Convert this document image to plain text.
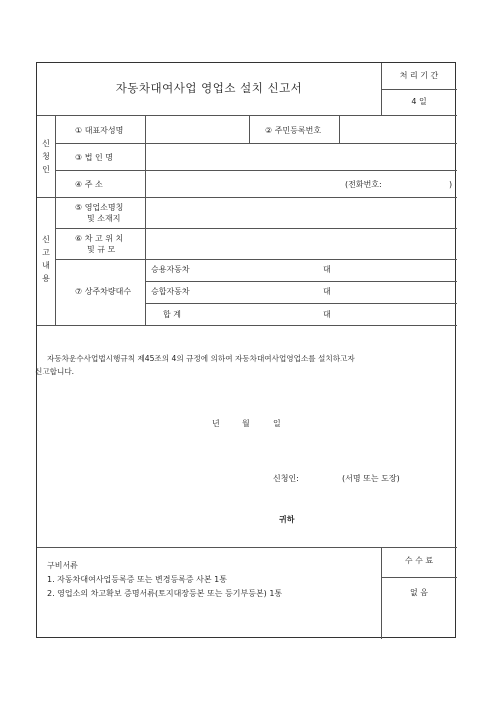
자동차대여사업 영업소 설치 신고서
처 리 기 간
4 일
신
청
인
① 대표자성명	② 주민등록번호
③ 법 인 명
④ 주 소	(전화번호:	)
신
고
내
용
⑤ 영업소명칭
및 소재지
⑥ 차 고 위 치
및 규 모
⑦ 상주차량대수
승용자동차	대
승합자동차	대
합 계	대
자동차운수사업법시행규칙 제45조의 4의 규정에 의하여 자동차대여사업영업소를 설치하고자
신고합니다.
년	월	일
신청인:	(서명 또는 도장)
귀하
구비서류
1. 자동차대여사업등록증 또는 변경등록증 사본 1통
2. 영업소의 차고확보 증명서류(토지대장등본 또는 등기부등본) 1통
수 수 료
없 음
